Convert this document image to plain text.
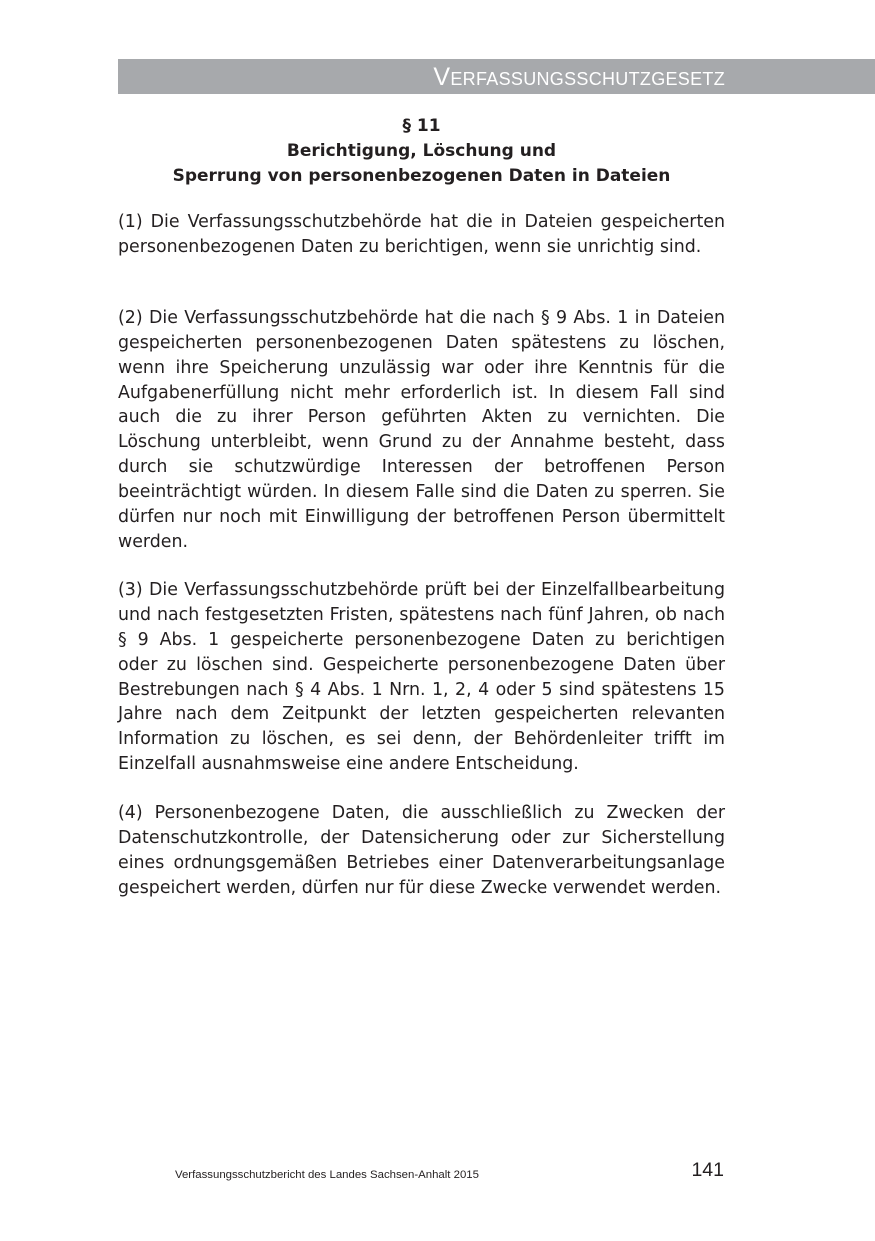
Verfassungsschutzgesetz
§ 11
Berichtigung, Löschung und
Sperrung von personenbezogenen Daten in Dateien

(1) Die Verfassungsschutzbehörde hat die in Dateien gespeicherten personenbezogenen Daten zu berichtigen, wenn sie unrichtig sind.

(2) Die Verfassungsschutzbehörde hat die nach § 9 Abs. 1 in Dateien gespeicherten personenbezogenen Daten spätestens zu löschen, wenn ihre Speicherung unzulässig war oder ihre Kenntnis für die Aufgabenerfüllung nicht mehr erforderlich ist. In diesem Fall sind auch die zu ihrer Person geführten Akten zu vernichten. Die Löschung unterbleibt, wenn Grund zu der Annahme besteht, dass durch sie schutzwürdige Interessen der betroffenen Person beeinträchtigt würden. In diesem Falle sind die Daten zu sperren. Sie dürfen nur noch mit Einwilligung der betroffenen Person übermittelt werden.

(3) Die Verfassungsschutzbehörde prüft bei der Einzelfallbearbeitung und nach festgesetzten Fristen, spätestens nach fünf Jahren, ob nach § 9 Abs. 1 gespeicherte personenbezogene Daten zu berichtigen oder zu löschen sind. Gespeicherte personenbezogene Daten über Bestrebungen nach § 4 Abs. 1 Nrn. 1, 2, 4 oder 5 sind spätestens 15 Jahre nach dem Zeitpunkt der letzten gespeicherten relevanten Information zu löschen, es sei denn, der Behördenleiter trifft im Einzelfall ausnahmsweise eine andere Entscheidung.

(4) Personenbezogene Daten, die ausschließlich zu Zwecken der Datenschutzkontrolle, der Datensicherung oder zur Sicherstellung eines ordnungsgemäßen Betriebes einer Datenverarbeitungsanlage gespeichert werden, dürfen nur für diese Zwecke verwendet werden.

Verfassungsschutzbericht des Landes Sachsen-Anhalt 2015	141
